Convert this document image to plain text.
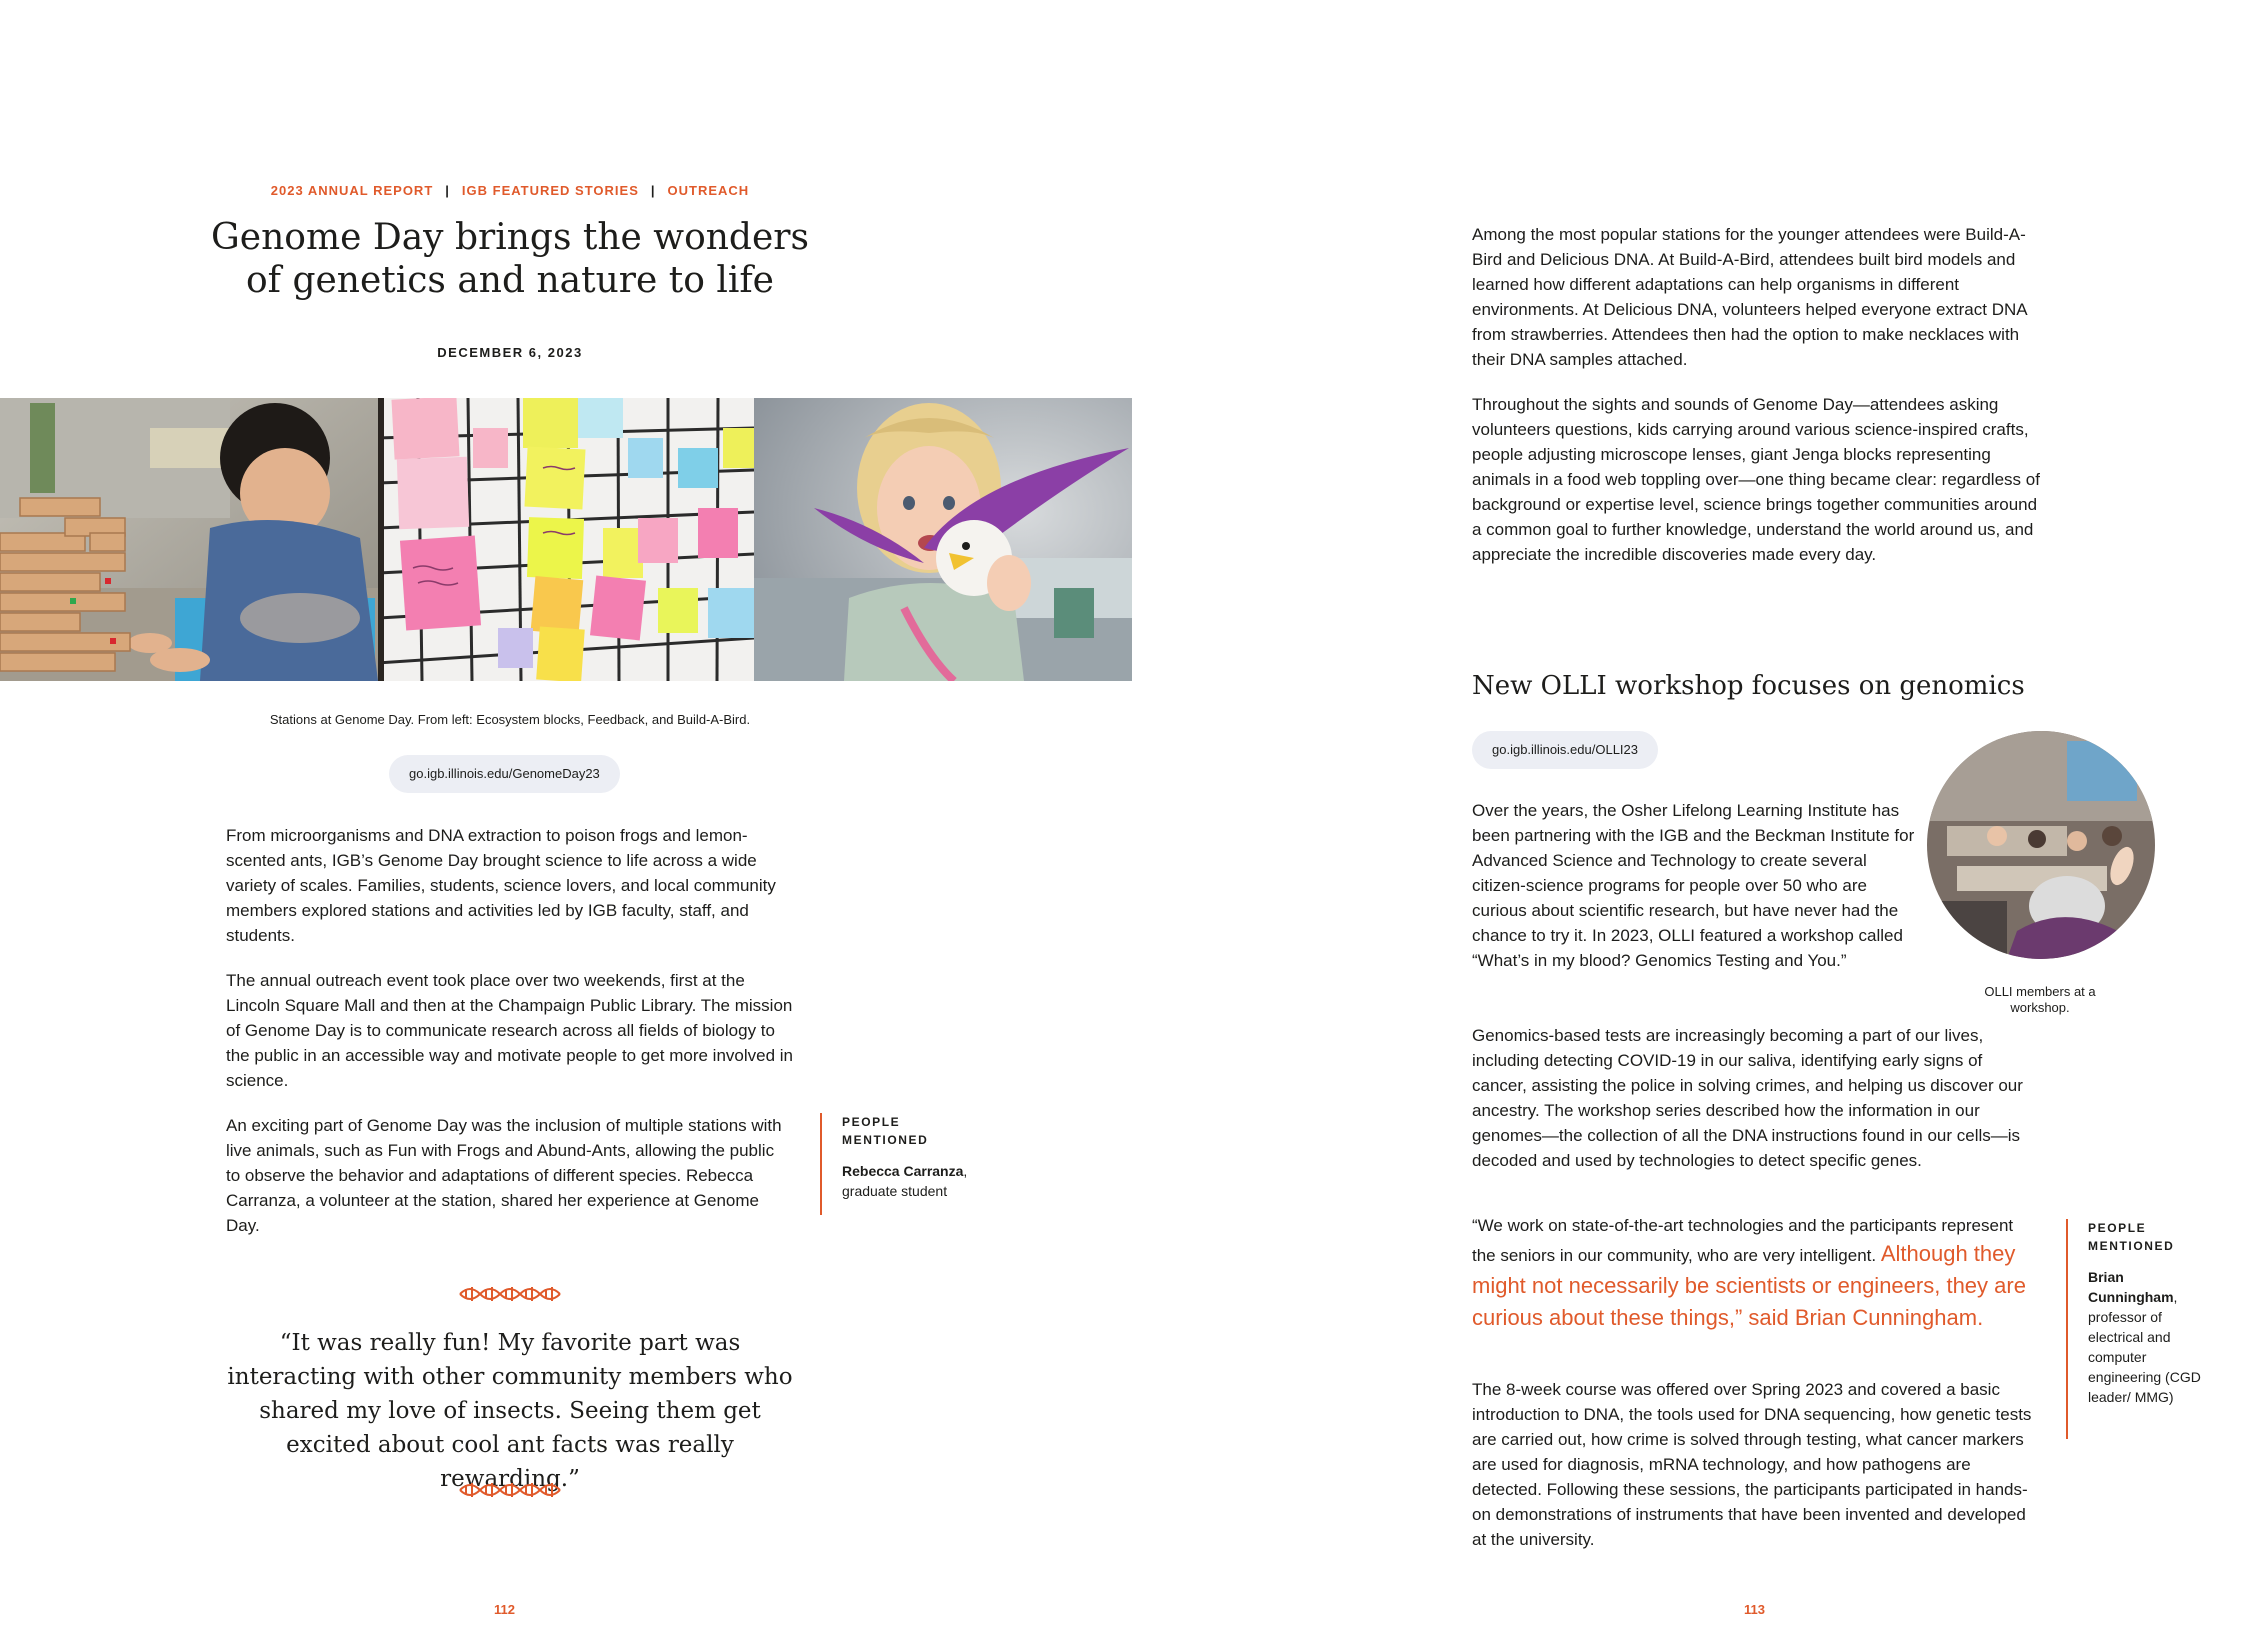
2023 ANNUAL REPORT | IGB FEATURED STORIES | OUTREACH
Genome Day brings the wonders of genetics and nature to life
DECEMBER 6, 2023
Stations at Genome Day. From left: Ecosystem blocks, Feedback, and Build-A-Bird.
go.igb.illinois.edu/GenomeDay23

From microorganisms and DNA extraction to poison frogs and lemon-scented ants, IGB’s Genome Day brought science to life across a wide variety of scales. Families, students, science lovers, and local community members explored stations and activities led by IGB faculty, staff, and students.

The annual outreach event took place over two weekends, first at the Lincoln Square Mall and then at the Champaign Public Library. The mission of Genome Day is to communicate research across all fields of biology to the public in an accessible way and motivate people to get more involved in science.

An exciting part of Genome Day was the inclusion of multiple stations with live animals, such as Fun with Frogs and Abund-Ants, allowing the public to observe the behavior and adaptations of different species. Rebecca Carranza, a volunteer at the station, shared her experience at Genome Day.

PEOPLE
MENTIONED
Rebecca Carranza, graduate student

“It was really fun! My favorite part was interacting with other community members who shared my love of insects. Seeing them get excited about cool ant facts was really rewarding.”

112

Among the most popular stations for the younger attendees were Build-A-Bird and Delicious DNA. At Build-A-Bird, attendees built bird models and learned how different adaptations can help organisms in different environments. At Delicious DNA, volunteers helped everyone extract DNA from strawberries. Attendees then had the option to make necklaces with their DNA samples attached.

Throughout the sights and sounds of Genome Day—attendees asking volunteers questions, kids carrying around various science-inspired crafts, people adjusting microscope lenses, giant Jenga blocks representing animals in a food web toppling over—one thing became clear: regardless of background or expertise level, science brings together communities around a common goal to further knowledge, understand the world around us, and appreciate the incredible discoveries made every day.

New OLLI workshop focuses on genomics
go.igb.illinois.edu/OLLI23

Over the years, the Osher Lifelong Learning Institute has been partnering with the IGB and the Beckman Institute for Advanced Science and Technology to create several citizen-science programs for people over 50 who are curious about scientific research, but have never had the chance to try it. In 2023, OLLI featured a workshop called “What’s in my blood? Genomics Testing and You.”

OLLI members at a workshop.

Genomics-based tests are increasingly becoming a part of our lives, including detecting COVID-19 in our saliva, identifying early signs of cancer, assisting the police in solving crimes, and helping us discover our ancestry. The workshop series described how the information in our genomes—the collection of all the DNA instructions found in our cells—is decoded and used by technologies to detect specific genes.

“We work on state-of-the-art technologies and the participants represent the seniors in our community, who are very intelligent. Although they might not necessarily be scientists or engineers, they are curious about these things,” said Brian Cunningham.

PEOPLE
MENTIONED
Brian Cunningham, professor of electrical and computer engineering (CGD leader/ MMG)

The 8-week course was offered over Spring 2023 and covered a basic introduction to DNA, the tools used for DNA sequencing, how genetic tests are carried out, how crime is solved through testing, what cancer markers are used for diagnosis, mRNA technology, and how pathogens are detected. Following these sessions, the participants participated in hands-on demonstrations of instruments that have been invented and developed at the university.

113
